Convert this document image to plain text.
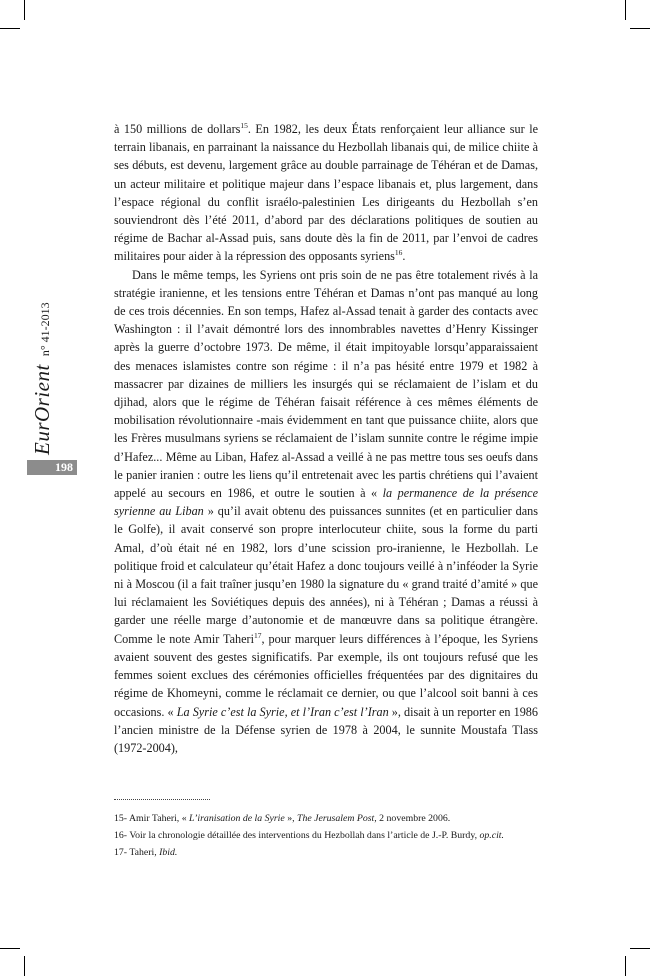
EurOrient
n° 41-2013
198

à 150 millions de dollars$^{15}$. En 1982, les deux États renforçaient leur alliance sur le terrain libanais, en parrainant la naissance du Hezbollah libanais qui, de milice chiite à ses débuts, est devenu, largement grâce au double parrainage de Téhéran et de Damas, un acteur militaire et politique majeur dans l’espace libanais et, plus largement, dans l’espace régional du conflit israélo-palestinien Les dirigeants du Hezbollah s’en souviendront dès l’été 2011, d’abord par des déclarations politiques de soutien au régime de Bachar al-Assad puis, sans doute dès la fin de 2011, par l’envoi de cadres militaires pour aider à la répression des opposants syriens$^{16}$.

Dans le même temps, les Syriens ont pris soin de ne pas être totalement rivés à la stratégie iranienne, et les tensions entre Téhéran et Damas n’ont pas manqué au long de ces trois décennies. En son temps, Hafez al-Assad tenait à garder des contacts avec Washington : il l’avait démontré lors des innombrables navettes d’Henry Kissinger après la guerre d’octobre 1973. De même, il était impitoyable lorsqu’apparaissaient des menaces islamistes contre son régime : il n’a pas hésité entre 1979 et 1982 à massacrer par dizaines de milliers les insurgés qui se réclamaient de l’islam et du djihad, alors que le régime de Téhéran faisait référence à ces mêmes éléments de mobilisation révolutionnaire -mais évidemment en tant que puissance chiite, alors que les Frères musulmans syriens se réclamaient de l’islam sunnite contre le régime impie d’Hafez... Même au Liban, Hafez al-Assad a veillé à ne pas mettre tous ses oeufs dans le panier iranien : outre les liens qu’il entretenait avec les partis chrétiens qui l’avaient appelé au secours en 1986, et outre le soutien à « la permanence de la présence syrienne au Liban » qu’il avait obtenu des puissances sunnites (et en particulier dans le Golfe), il avait conservé son propre interlocuteur chiite, sous la forme du parti Amal, d’où était né en 1982, lors d’une scission pro-iranienne, le Hezbollah. Le politique froid et calculateur qu’était Hafez a donc toujours veillé à n’inféoder la Syrie ni à Moscou (il a fait traîner jusqu’en 1980 la signature du « grand traité d’amité » que lui réclamaient les Soviétiques depuis des années), ni à Téhéran ; Damas a réussi à garder une réelle marge d’autonomie et de manœuvre dans sa politique étrangère. Comme le note Amir Taheri$^{17}$, pour marquer leurs différences à l’époque, les Syriens avaient souvent des gestes significatifs. Par exemple, ils ont toujours refusé que les femmes soient exclues des cérémonies officielles fréquentées par des dignitaires du régime de Khomeyni, comme le réclamait ce dernier, ou que l’alcool soit banni à ces occasions. « La Syrie c’est la Syrie, et l’Iran c’est l’Iran », disait à un reporter en 1986 l’ancien ministre de la Défense syrien de 1978 à 2004, le sunnite Moustafa Tlass (1972-2004),

15- Amir Taheri, « L’iranisation de la Syrie », The Jerusalem Post, 2 novembre 2006.

16- Voir la chronologie détaillée des interventions du Hezbollah dans l’article de J.-P. Burdy, op.cit.

17- Taheri, Ibid.
